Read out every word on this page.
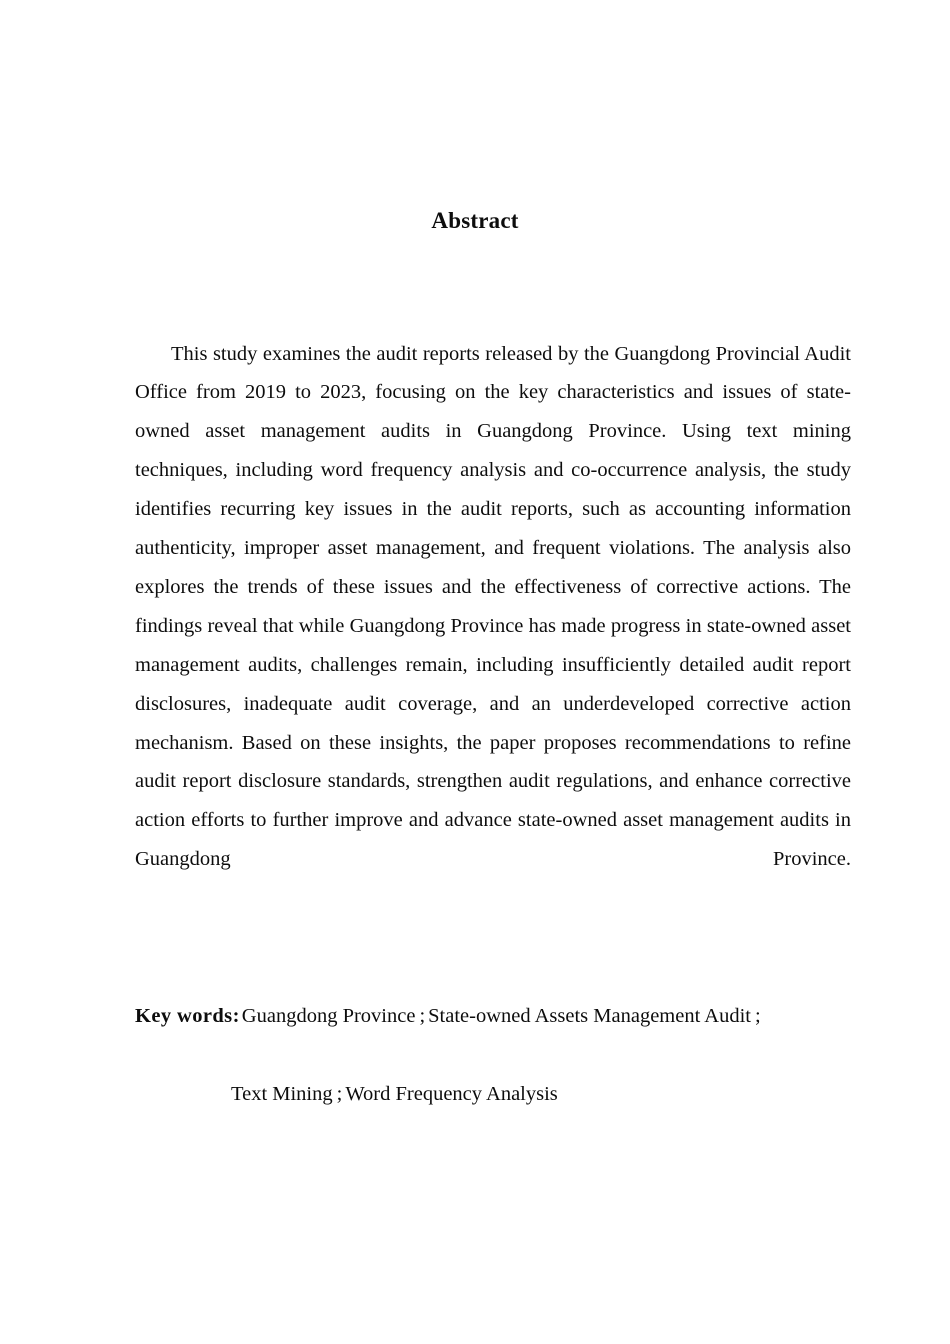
Abstract

This study examines the audit reports released by the Guangdong Provincial Audit Office from 2019 to 2023, focusing on the key characteristics and issues of state-owned asset management audits in Guangdong Province. Using text mining techniques, including word frequency analysis and co-occurrence analysis, the study identifies recurring key issues in the audit reports, such as accounting information authenticity, improper asset management, and frequent violations. The analysis also explores the trends of these issues and the effectiveness of corrective actions. The findings reveal that while Guangdong Province has made progress in state-owned asset management audits, challenges remain, including insufficiently detailed audit report disclosures, inadequate audit coverage, and an underdeveloped corrective action mechanism. Based on these insights, the paper proposes recommendations to refine audit report disclosure standards, strengthen audit regulations, and enhance corrective action efforts to further improve and advance state-owned asset management audits in Guangdong Province.

Key words:Guangdong Province ; State-owned Assets Management Audit ;
Text Mining ; Word Frequency Analysis
